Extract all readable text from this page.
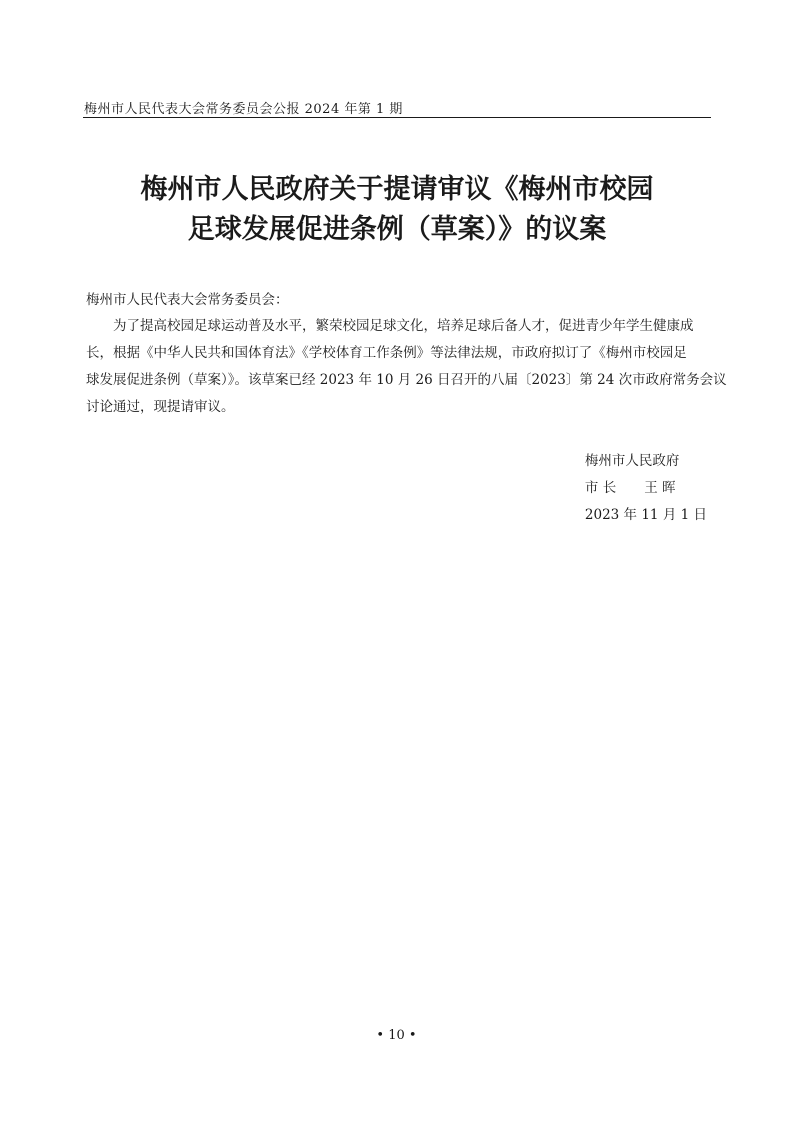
梅州市人民代表大会常务委员会公报 2024 年第 1 期
梅州市人民政府关于提请审议《梅州市校园
足球发展促进条例（草案）》的议案

梅州市人民代表大会常务委员会：

为了提高校园足球运动普及水平，繁荣校园足球文化，培养足球后备人才，促进青少年学生健康成
长，根据《中华人民共和国体育法》《学校体育工作条例》等法律法规，市政府拟订了《梅州市校园足
球发展促进条例（草案）》。该草案已经 2023 年 10 月 26 日召开的八届〔2023〕第 24 次市政府常务会议
讨论通过，现提请审议。

梅州市人民政府
市 长 王 晖
2023 年 11 月 1 日
• 10 •
